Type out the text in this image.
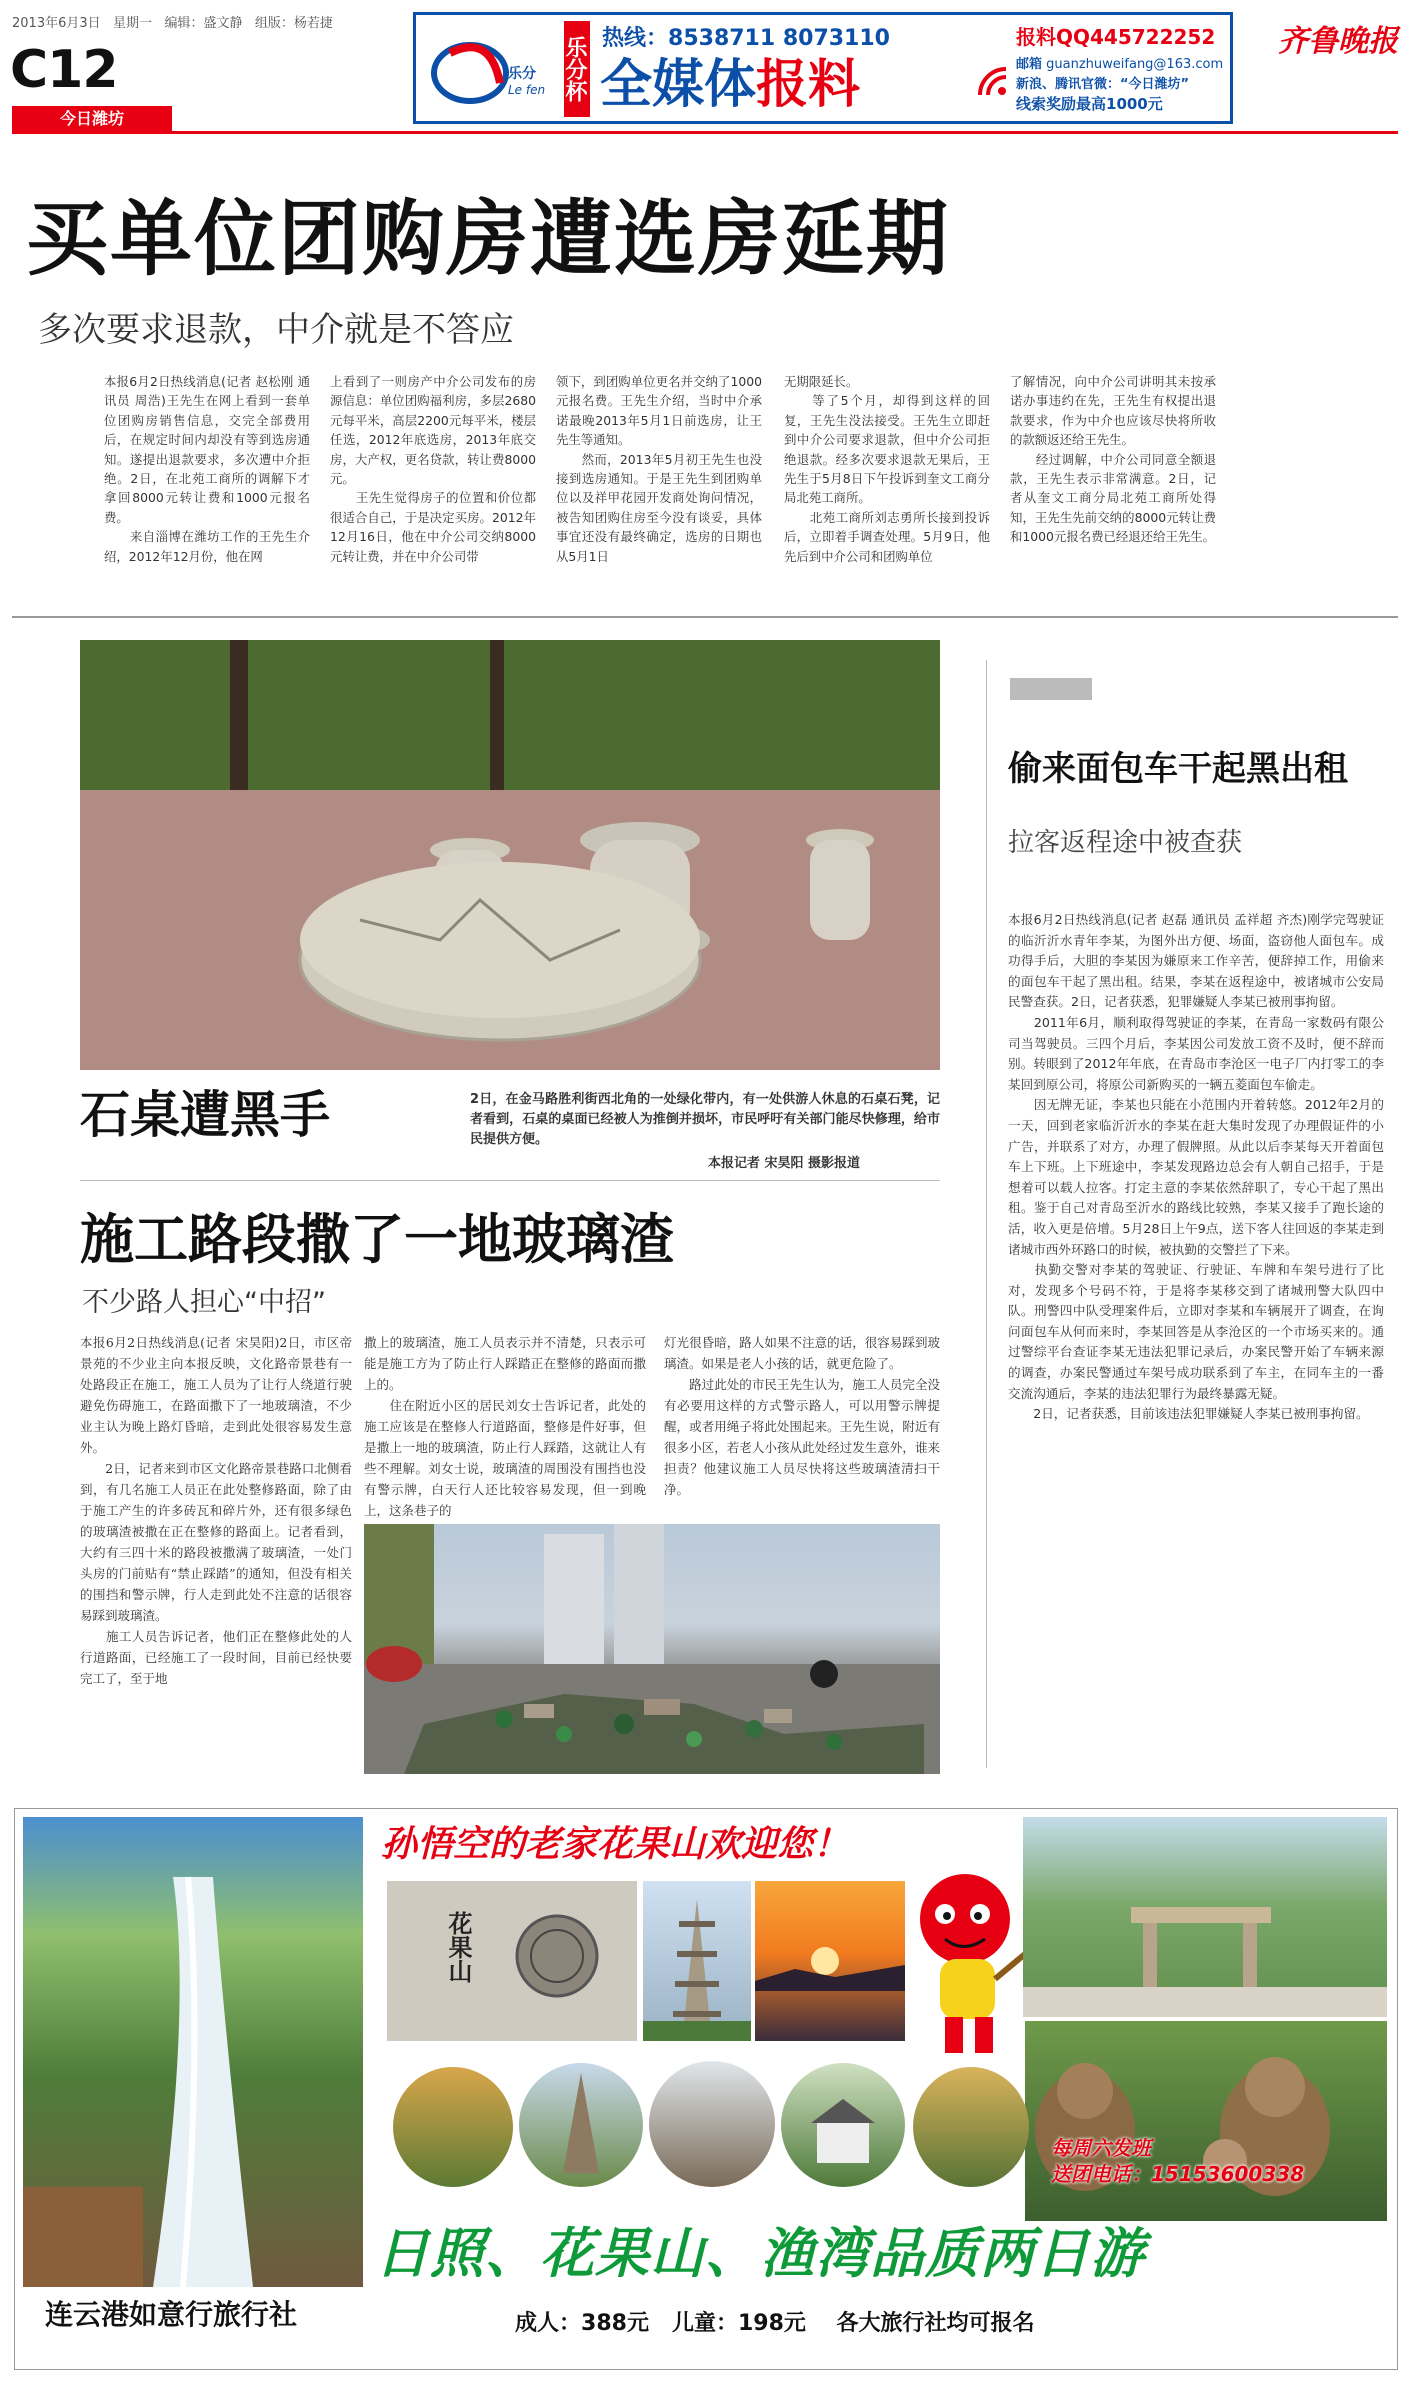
2013年6月3日 星期一 编辑：盛文静 组版：杨若捷
C12
今日潍坊
乐分
Le fen 乐分杯 热线：8538711 8073110
全媒体报料
报料QQ445722252
邮箱 guanzhuweifang@163.com
新浪、腾讯官微：“今日潍坊”
线索奖励最高1000元
齐鲁晚报
买单位团购房遭选房延期
多次要求退款，中介就是不答应
本报6月2日热线消息(记者 赵松刚 通讯员 周浩)王先生在网上看到一套单位团购房销售信息，交完全部费用后，在规定时间内却没有等到选房通知。遂提出退款要求，多次遭中介拒绝。2日，在北苑工商所的调解下才拿回8000元转让费和1000元报名费。
　　来自淄博在潍坊工作的王先生介绍，2012年12月份，他在网
上看到了一则房产中介公司发布的房源信息：单位团购福利房，多层2680元每平米，高层2200元每平米，楼层任选，2012年底选房，2013年底交房，大产权，更名贷款，转让费8000元。
　　王先生觉得房子的位置和价位都很适合自己，于是决定买房。2012年12月16日，他在中介公司交纳8000元转让费，并在中介公司带
领下，到团购单位更名并交纳了1000元报名费。王先生介绍，当时中介承诺最晚2013年5月1日前选房，让王先生等通知。
　　然而，2013年5月初王先生也没接到选房通知。于是王先生到团购单位以及祥甲花园开发商处询问情况，被告知团购住房至今没有谈妥，具体事宜还没有最终确定，选房的日期也从5月1日
无期限延长。
　　等了5个月，却得到这样的回复，王先生没法接受。王先生立即赶到中介公司要求退款，但中介公司拒绝退款。经多次要求退款无果后，王先生于5月8日下午投诉到奎文工商分局北苑工商所。
　　北苑工商所刘志勇所长接到投诉后，立即着手调查处理。5月9日，他先后到中介公司和团购单位
了解情况，向中介公司讲明其未按承诺办事违约在先，王先生有权提出退款要求，作为中介也应该尽快将所收的款额返还给王先生。
　　经过调解，中介公司同意全额退款，王先生表示非常满意。2日，记者从奎文工商分局北苑工商所处得知，王先生先前交纳的8000元转让费和1000元报名费已经退还给王先生。
石桌遭黑手	2日，在金马路胜利街西北角的一处绿化带内，有一处供游人休息的石桌石凳，记者看到，石桌的桌面已经被人为推倒并损坏，市民呼吁有关部门能尽快修理，给市民提供方便。
本报记者 宋昊阳 摄影报道
施工路段撒了一地玻璃渣
不少路人担心“中招”
本报6月2日热线消息(记者 宋昊阳)2日，市区帝景苑的不少业主向本报反映，文化路帝景巷有一处路段正在施工，施工人员为了让行人绕道行驶避免伤碍施工，在路面撒下了一地玻璃渣，不少业主认为晚上路灯昏暗，走到此处很容易发生意外。
　　2日，记者来到市区文化路帝景巷路口北侧看到，有几名施工人员正在此处整修路面，除了由于施工产生的许多砖瓦和碎片外，还有很多绿色的玻璃渣被撒在正在整修的路面上。记者看到，大约有三四十米的路段被撒满了玻璃渣，一处门头房的门前贴有“禁止踩踏”的通知，但没有相关的围挡和警示牌，行人走到此处不注意的话很容易踩到玻璃渣。
　　施工人员告诉记者，他们正在整修此处的人行道路面，已经施工了一段时间，目前已经快要完工了，至于地
撒上的玻璃渣，施工人员表示并不清楚，只表示可能是施工方为了防止行人踩踏正在整修的路面而撒上的。
　　住在附近小区的居民刘女士告诉记者，此处的施工应该是在整修人行道路面，整修是件好事，但是撒上一地的玻璃渣，防止行人踩踏，这就让人有些不理解。刘女士说，玻璃渣的周围没有围挡也没有警示牌，白天行人还比较容易发现，但一到晚上，这条巷子的
灯光很昏暗，路人如果不注意的话，很容易踩到玻璃渣。如果是老人小孩的话，就更危险了。
　　路过此处的市民王先生认为，施工人员完全没有必要用这样的方式警示路人，可以用警示牌提醒，或者用绳子将此处围起来。王先生说，附近有很多小区，若老人小孩从此处经过发生意外，谁来担责？他建议施工人员尽快将这些玻璃渣清扫干净。
偷来面包车干起黑出租
拉客返程途中被查获
本报6月2日热线消息(记者 赵磊 通讯员 孟祥超 齐杰)刚学完驾驶证的临沂沂水青年李某，为图外出方便、场面，盗窃他人面包车。成功得手后，大胆的李某因为嫌原来工作辛苦，便辞掉工作，用偷来的面包车干起了黑出租。结果，李某在返程途中，被诸城市公安局民警查获。2日，记者获悉，犯罪嫌疑人李某已被刑事拘留。
　　2011年6月，顺利取得驾驶证的李某，在青岛一家数码有限公司当驾驶员。三四个月后，李某因公司发放工资不及时，便不辞而别。转眼到了2012年年底，在青岛市李沧区一电子厂内打零工的李某回到原公司，将原公司新购买的一辆五菱面包车偷走。
　　因无牌无证，李某也只能在小范围内开着转悠。2012年2月的一天，回到老家临沂沂水的李某在赶大集时发现了办理假证件的小广告，并联系了对方，办理了假牌照。从此以后李某每天开着面包车上下班。上下班途中，李某发现路边总会有人朝自己招手，于是想着可以载人拉客。打定主意的李某依然辞职了，专心干起了黑出租。鉴于自己对青岛至沂水的路线比较熟，李某又接手了跑长途的活，收入更是倍增。5月28日上午9点，送下客人往回返的李某走到诸城市西外环路口的时候，被执勤的交警拦了下来。
　　执勤交警对李某的驾驶证、行驶证、车牌和车架号进行了比对，发现多个号码不符，于是将李某移交到了诸城刑警大队四中队。刑警四中队受理案件后，立即对李某和车辆展开了调查，在询问面包车从何而来时，李某回答是从李沧区的一个市场买来的。通过警综平台查证李某无违法犯罪记录后，办案民警开始了车辆来源的调查，办案民警通过车架号成功联系到了车主，在同车主的一番交流沟通后，李某的违法犯罪行为最终暴露无疑。
　　2日，记者获悉，目前该违法犯罪嫌疑人李某已被刑事拘留。
连云港如意行旅行社
孙悟空的老家花果山欢迎您！
花果山
每周六发班
送团电话：15153600338
日照、花果山、渔湾品质两日游
成人：388元 儿童：198元 各大旅行社均可报名
